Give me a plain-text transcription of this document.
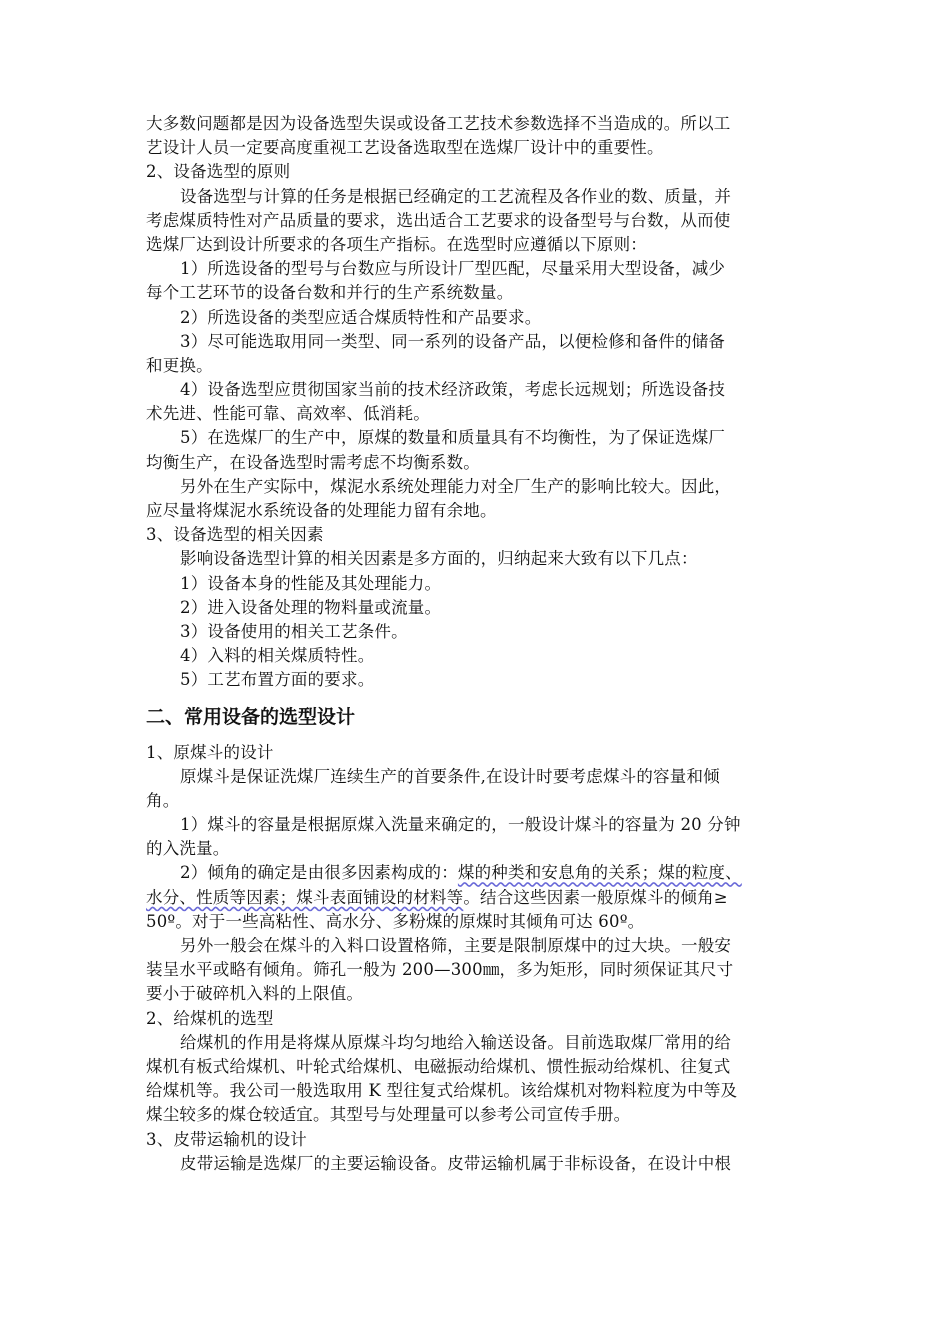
大多数问题都是因为设备选型失误或设备工艺技术参数选择不当造成的。所以工
艺设计人员一定要高度重视工艺设备选取型在选煤厂设计中的重要性。
2、设备选型的原则
设备选型与计算的任务是根据已经确定的工艺流程及各作业的数、质量，并
考虑煤质特性对产品质量的要求，选出适合工艺要求的设备型号与台数，从而使
选煤厂达到设计所要求的各项生产指标。在选型时应遵循以下原则：
1）所选设备的型号与台数应与所设计厂型匹配，尽量采用大型设备，减少
每个工艺环节的设备台数和并行的生产系统数量。
2）所选设备的类型应适合煤质特性和产品要求。
3）尽可能选取用同一类型、同一系列的设备产品，以便检修和备件的储备
和更换。
4）设备选型应贯彻国家当前的技术经济政策，考虑长远规划；所选设备技
术先进、性能可靠、高效率、低消耗。
5）在选煤厂的生产中，原煤的数量和质量具有不均衡性，为了保证选煤厂
均衡生产，在设备选型时需考虑不均衡系数。
另外在生产实际中，煤泥水系统处理能力对全厂生产的影响比较大。因此，
应尽量将煤泥水系统设备的处理能力留有余地。
3、设备选型的相关因素
影响设备选型计算的相关因素是多方面的，归纳起来大致有以下几点：
1）设备本身的性能及其处理能力。
2）进入设备处理的物料量或流量。
3）设备使用的相关工艺条件。
4）入料的相关煤质特性。
5）工艺布置方面的要求。
二、常用设备的选型设计
1、原煤斗的设计
原煤斗是保证洗煤厂连续生产的首要条件,在设计时要考虑煤斗的容量和倾
角。
1）煤斗的容量是根据原煤入洗量来确定的，一般设计煤斗的容量为 20 分钟
的入洗量。
2）倾角的确定是由很多因素构成的：煤的种类和安息角的关系；煤的粒度、
水分、性质等因素；煤斗表面铺设的材料等。结合这些因素一般原煤斗的倾角≥
50º。对于一些高粘性、高水分、多粉煤的原煤时其倾角可达 60º。
另外一般会在煤斗的入料口设置格筛，主要是限制原煤中的过大块。一般安
装呈水平或略有倾角。筛孔一般为 200—300㎜，多为矩形，同时须保证其尺寸
要小于破碎机入料的上限值。
2、给煤机的选型
给煤机的作用是将煤从原煤斗均匀地给入输送设备。目前选取煤厂常用的给
煤机有板式给煤机、叶轮式给煤机、电磁振动给煤机、惯性振动给煤机、往复式
给煤机等。我公司一般选取用 K 型往复式给煤机。该给煤机对物料粒度为中等及
煤尘较多的煤仓较适宜。其型号与处理量可以参考公司宣传手册。
3、皮带运输机的设计
皮带运输是选煤厂的主要运输设备。皮带运输机属于非标设备，在设计中根
